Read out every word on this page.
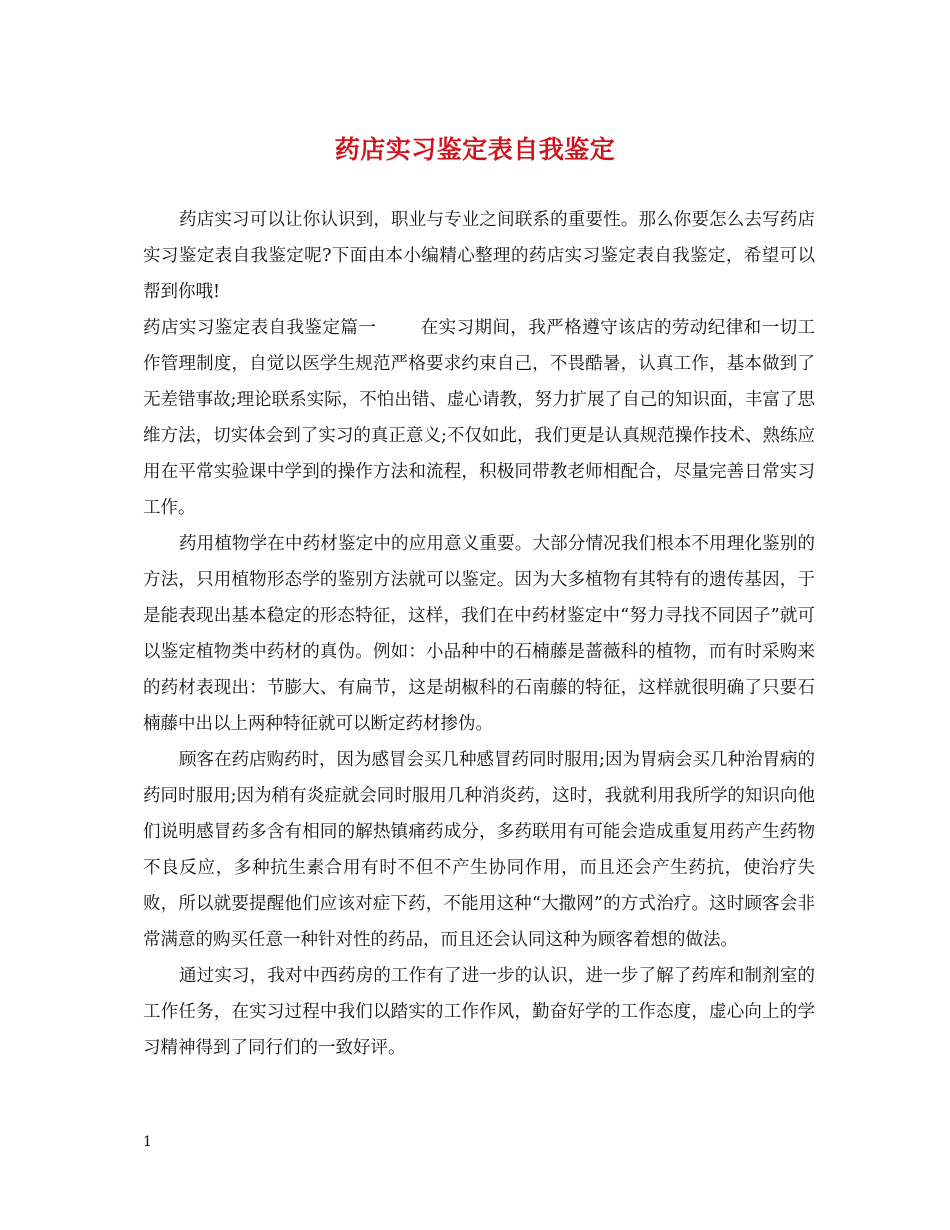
药店实习鉴定表自我鉴定

药店实习可以让你认识到，职业与专业之间联系的重要性。那么你要怎么去写药店实习鉴定表自我鉴定呢?下面由本小编精心整理的药店实习鉴定表自我鉴定，希望可以帮到你哦!

药店实习鉴定表自我鉴定篇一	在实习期间，我严格遵守该店的劳动纪律和一切工作管理制度，自觉以医学生规范严格要求约束自己，不畏酷暑，认真工作，基本做到了无差错事故;理论联系实际，不怕出错、虚心请教，努力扩展了自己的知识面，丰富了思维方法，切实体会到了实习的真正意义;不仅如此，我们更是认真规范操作技术、熟练应用在平常实验课中学到的操作方法和流程，积极同带教老师相配合，尽量完善日常实习工作。

药用植物学在中药材鉴定中的应用意义重要。大部分情况我们根本不用理化鉴别的方法，只用植物形态学的鉴别方法就可以鉴定。因为大多植物有其特有的遗传基因，于是能表现出基本稳定的形态特征，这样，我们在中药材鉴定中“努力寻找不同因子”就可以鉴定植物类中药材的真伪。例如：小品种中的石楠藤是蔷薇科的植物，而有时采购来的药材表现出：节膨大、有扁节，这是胡椒科的石南藤的特征，这样就很明确了只要石楠藤中出以上两种特征就可以断定药材掺伪。

顾客在药店购药时，因为感冒会买几种感冒药同时服用;因为胃病会买几种治胃病的药同时服用;因为稍有炎症就会同时服用几种消炎药，这时，我就利用我所学的知识向他们说明感冒药多含有相同的解热镇痛药成分，多药联用有可能会造成重复用药产生药物不良反应，多种抗生素合用有时不但不产生协同作用，而且还会产生药抗，使治疗失败，所以就要提醒他们应该对症下药，不能用这种“大撒网”的方式治疗。这时顾客会非常满意的购买任意一种针对性的药品，而且还会认同这种为顾客着想的做法。

通过实习，我对中西药房的工作有了进一步的认识，进一步了解了药库和制剂室的工作任务，在实习过程中我们以踏实的工作作风，勤奋好学的工作态度，虚心向上的学习精神得到了同行们的一致好评。

1
